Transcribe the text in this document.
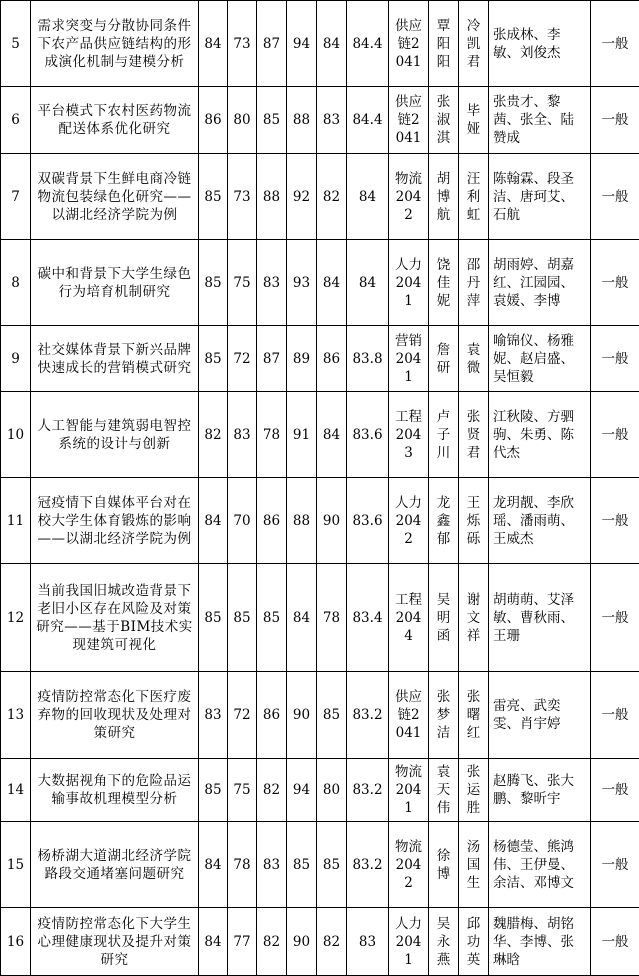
5	需求突变与分散协同条件下农产品供应链结构的形成演化机制与建模分析	84	73	87	94	84	84.4	供应链2041	覃阳阳	冷凯君	张成林、李敏、刘俊杰	一般
6	平台模式下农村医药物流配送体系优化研究	86	80	85	88	83	84.4	供应链2041	张淑淇	毕娅	张贵才、黎茜、张全、陆赞成	一般
7	双碳背景下生鲜电商冷链物流包装绿色化研究——以湖北经济学院为例	85	73	88	92	82	84	物流2042	胡博航	汪利虹	陈翰霖、段圣洁、唐珂艾、石航	一般
8	碳中和背景下大学生绿色行为培育机制研究	85	75	83	93	84	84	人力2041	饶佳妮	邵丹萍	胡雨婷、胡嘉红、江园园、袁媛、李博	一般
9	社交媒体背景下新兴品牌快速成长的营销模式研究	85	72	87	89	86	83.8	营销2041	詹研	袁微	喻锦仪、杨雅妮、赵启盛、吴恒毅	一般
10	人工智能与建筑弱电智控系统的设计与创新	82	83	78	91	84	83.6	工程2043	卢子川	张贤君	江秋陵、方驷驹、朱勇、陈代杰	一般
11	冠疫情下自媒体平台对在校大学生体育锻炼的影响——以湖北经济学院为例	84	70	86	88	90	83.6	人力2042	龙鑫郁	王烁砾	龙玥靓、李欣瑶、潘雨萌、王威杰	一般
12	当前我国旧城改造背景下老旧小区存在风险及对策研究——基于BIM技术实现建筑可视化	85	85	85	84	78	83.4	工程2044	吴明函	谢文祥	胡萌萌、艾泽敏、曹秋雨、王珊	一般
13	疫情防控常态化下医疗废弃物的回收现状及处理对策研究	83	72	86	90	85	83.2	供应链2041	张梦洁	张曙红	雷亮、武奕雯、肖宇婷	一般
14	大数据视角下的危险品运输事故机理模型分析	85	75	82	94	80	83.2	物流2041	袁天伟	张运胜	赵腾飞、张大鹏、黎昕宇	一般
15	杨桥湖大道湖北经济学院路段交通堵塞问题研究	84	78	83	85	85	83.2	物流2042	徐博	汤国生	杨德莹、熊鸿伟、王伊曼、余洁、邓博文	一般
16	疫情防控常态化下大学生心理健康现状及提升对策研究	84	77	82	90	82	83	人力2041	吴永燕	邱功英	魏腊梅、胡铭华、李博、张琳晗	一般
